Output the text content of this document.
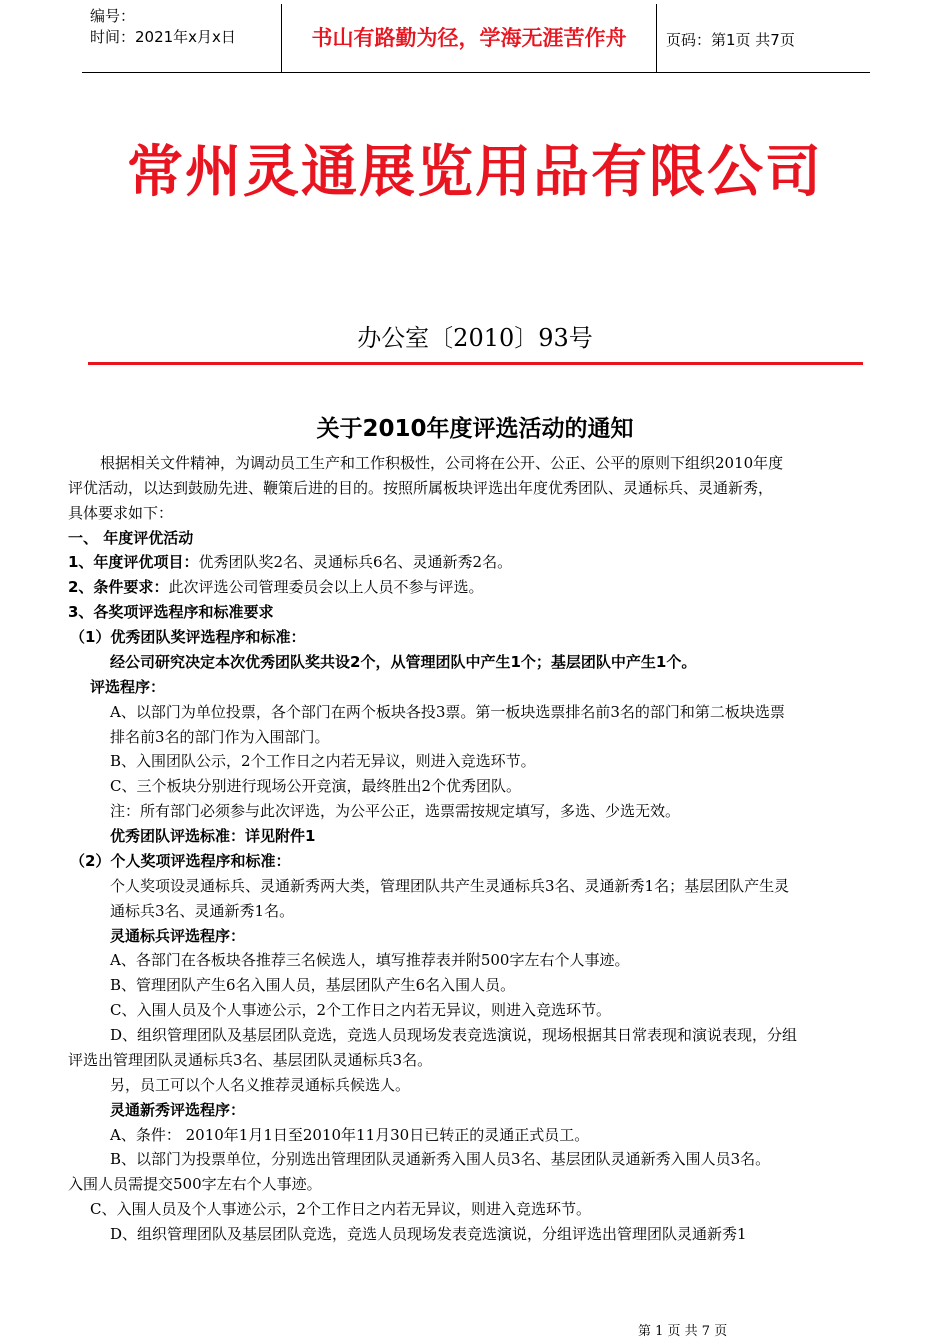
编号：
时间：2021年x月x日	书山有路勤为径，学海无涯苦作舟	页码：第1页 共7页
常州灵通展览用品有限公司
办公室〔2010〕93号
关于2010年度评选活动的通知
根据相关文件精神，为调动员工生产和工作积极性，公司将在公开、公正、公平的原则下组织2010年度
评优活动，以达到鼓励先进、鞭策后进的目的。按照所属板块评选出年度优秀团队、灵通标兵、灵通新秀，
具体要求如下：
一、 年度评优活动
1、年度评优项目：优秀团队奖2名、灵通标兵6名、灵通新秀2名。
2、条件要求：此次评选公司管理委员会以上人员不参与评选。
3、各奖项评选程序和标准要求
（1）优秀团队奖评选程序和标准：
经公司研究决定本次优秀团队奖共设2个，从管理团队中产生1个；基层团队中产生1个。
评选程序：
A、以部门为单位投票，各个部门在两个板块各投3票。第一板块选票排名前3名的部门和第二板块选票
排名前3名的部门作为入围部门。
B、入围团队公示，2个工作日之内若无异议，则进入竞选环节。
C、三个板块分别进行现场公开竞演，最终胜出2个优秀团队。
注：所有部门必须参与此次评选，为公平公正，选票需按规定填写，多选、少选无效。
优秀团队评选标准：详见附件1
（2）个人奖项评选程序和标准：
个人奖项设灵通标兵、灵通新秀两大类，管理团队共产生灵通标兵3名、灵通新秀1名；基层团队产生灵
通标兵3名、灵通新秀1名。
灵通标兵评选程序：
A、各部门在各板块各推荐三名候选人，填写推荐表并附500字左右个人事迹。
B、管理团队产生6名入围人员，基层团队产生6名入围人员。
C、入围人员及个人事迹公示，2个工作日之内若无异议，则进入竞选环节。
D、组织管理团队及基层团队竞选，竞选人员现场发表竞选演说，现场根据其日常表现和演说表现，分组
评选出管理团队灵通标兵3名、基层团队灵通标兵3名。
另，员工可以个人名义推荐灵通标兵候选人。
灵通新秀评选程序：
A、条件： 2010年1月1日至2010年11月30日已转正的灵通正式员工。
B、以部门为投票单位，分别选出管理团队灵通新秀入围人员3名、基层团队灵通新秀入围人员3名。
入围人员需提交500字左右个人事迹。
C、入围人员及个人事迹公示，2个工作日之内若无异议，则进入竞选环节。
D、组织管理团队及基层团队竞选，竞选人员现场发表竞选演说，分组评选出管理团队灵通新秀1
第 1 页 共 7 页
